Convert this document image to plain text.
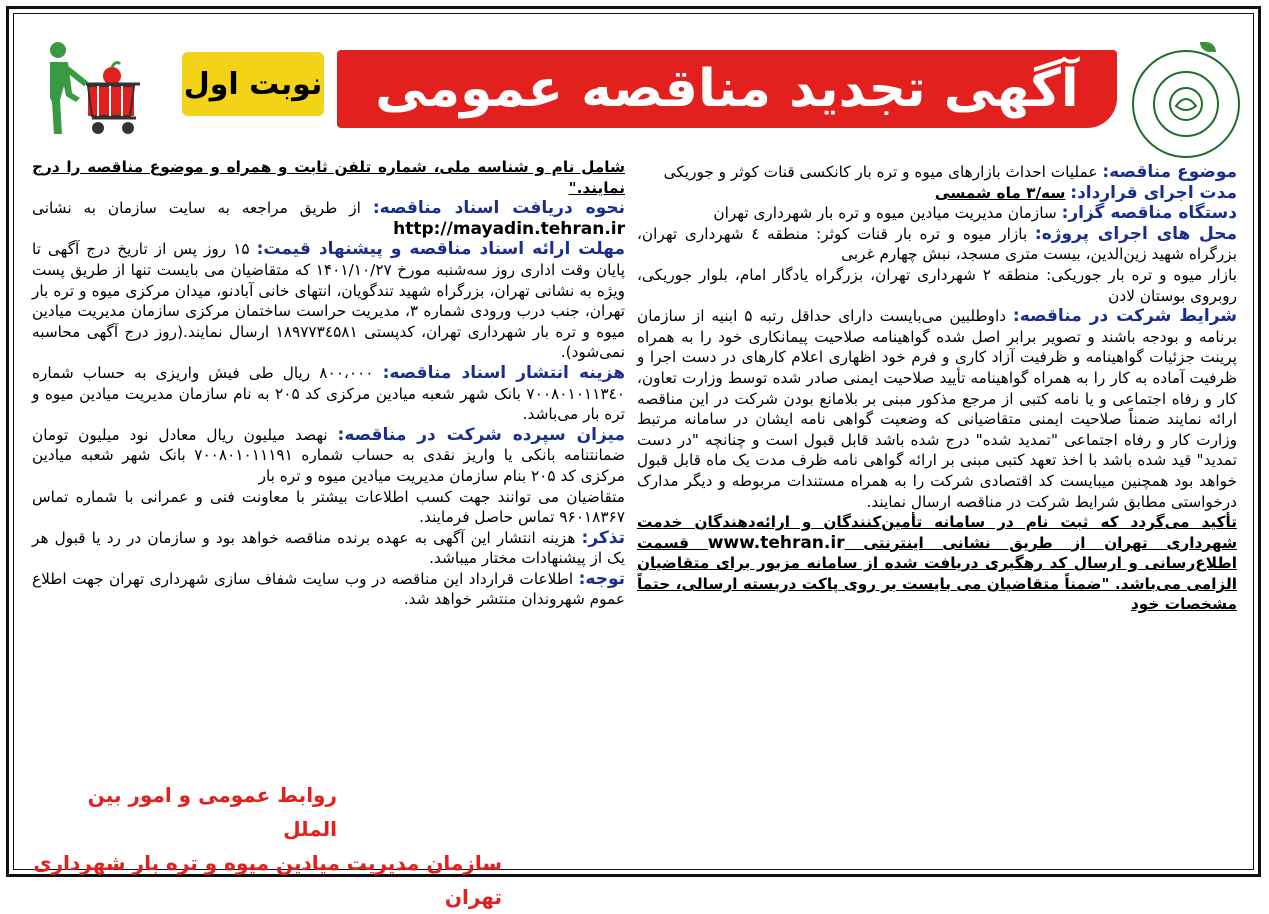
آگهی تجدید مناقصه عمومی
نوبت اول

موضوع مناقصه: عملیات احداث بازارهای میوه و تره بار کانکسی قنات کوثر و جوریکی

مدت اجرای قرارداد: سه/۳ ماه شمسی

دستگاه مناقصه گزار: سازمان مدیریت میادین میوه و تره بار شهرداری تهران

محل های اجرای پروژه: بازار میوه و تره بار قنات کوثر: منطقه ٤ شهرداری تهران، بزرگراه شهید زین‌الدین، بیست متری مسجد، نبش چهارم غربی

بازار میوه و تره بار جوریکی: منطقه ۲ شهرداری تهران، بزرگراه یادگار امام، بلوار جوریکی، روبروی بوستان لادن

شرایط شرکت در مناقصه: داوطلبین می‌بایست دارای حداقل رتبه ۵ ابنیه از سازمان برنامه و بودجه باشند و تصویر برابر اصل شده گواهینامه صلاحیت پیمانکاری خود را به همراه پرینت جزئیات گواهینامه و ظرفیت آزاد کاری و فرم خود اظهاری اعلام کارهای در دست اجرا و ظرفیت آماده به کار را به همراه گواهینامه تأیید صلاحیت ایمنی صادر شده توسط وزارت تعاون، کار و رفاه اجتماعی و یا نامه کتبی از مرجع مذکور مبنی بر بلامانع بودن شرکت در این مناقصه ارائه نمایند ضمناً صلاحیت ایمنی متقاضیانی که وضعیت گواهی نامه ایشان در سامانه مرتبط وزارت کار و رفاه اجتماعی "تمدید شده" درج شده باشد قابل قبول است و چنانچه "در دست تمدید" قید شده باشد با اخذ تعهد کتبی مبنی بر ارائه گواهی نامه ظرف مدت یک ماه قابل قبول خواهد بود همچنین میبایست کد اقتصادی شرکت را به همراه مستندات مربوطه و دیگر مدارک درخواستی مطابق شرایط شرکت در مناقصه ارسال نمایند.

تأکید می‌گردد که ثبت نام در سامانه تأمین‌کنندگان و ارائه‌دهندگان خدمت شهرداری تهران از طریق نشانی اینترنتی www.tehran.ir قسمت اطلاع‌رسانی و ارسال کد رهگیری دریافت شده از سامانه مزبور برای متقاضیان الزامی می‌باشد. "ضمناً متقاضیان می بایست بر روی پاکت دربسته ارسالی، حتماً مشخصات خود

شامل نام و شناسه ملی، شماره تلفن ثابت و همراه و موضوع مناقصه را درج نمایند."

نحوه دریافت اسناد مناقصه: از طریق مراجعه به سایت سازمان به نشانی http://mayadin.tehran.ir

مهلت ارائه اسناد مناقصه و پیشنهاد قیمت: ۱۵ روز پس از تاریخ درج آگهی تا پایان وقت اداری روز سه‌شنبه مورخ ۱۴۰۱/۱۰/۲۷ که متقاضیان می بایست تنها از طریق پست ویژه به نشانی تهران، بزرگراه شهید تندگویان، انتهای خانی آبادنو، میدان مرکزی میوه و تره بار تهران، جنب درب ورودی شماره ۳، مدیریت حراست ساختمان مرکزی سازمان مدیریت میادین میوه و تره بار شهرداری تهران، کدپستی ۱۸۹۷۷۳٤۵۸۱ ارسال نمایند.(روز درج آگهی محاسبه نمی‌شود).

هزینه انتشار اسناد مناقصه: ۸۰۰،۰۰۰ ریال طی فیش واریزی به حساب شماره ۷۰۰۸۰۱۰۱۱۳٤۰ بانک شهر شعبه میادین مرکزی کد ۲۰۵ به نام سازمان مدیریت میادین میوه و تره بار می‌باشد.

میزان سپرده شرکت در مناقصه: نهصد میلیون ریال معادل نود میلیون تومان ضمانتنامه بانکی یا واریز نقدی به حساب شماره ۷۰۰۸۰۱۰۱۱۱۹۱ بانک شهر شعبه میادین مرکزی کد ۲۰۵ بنام سازمان مدیریت میادین میوه و تره بار

متقاضیان می توانند جهت کسب اطلاعات بیشتر با معاونت فنی و عمرانی با شماره تماس ۹۶۰۱۸۳۶۷ تماس حاصل فرمایند.

تذکر: هزینه انتشار این آگهی به عهده برنده مناقصه خواهد بود و سازمان در رد یا قبول هر یک از پیشنهادات مختار میباشد.

توجه: اطلاعات قرارداد این مناقصه در وب سایت شفاف سازی شهرداری تهران جهت اطلاع عموم شهروندان منتشر خواهد شد.

روابط عمومی و امور بین الملل
سازمان مدیریت میادین میوه و تره بار شهرداری تهران
